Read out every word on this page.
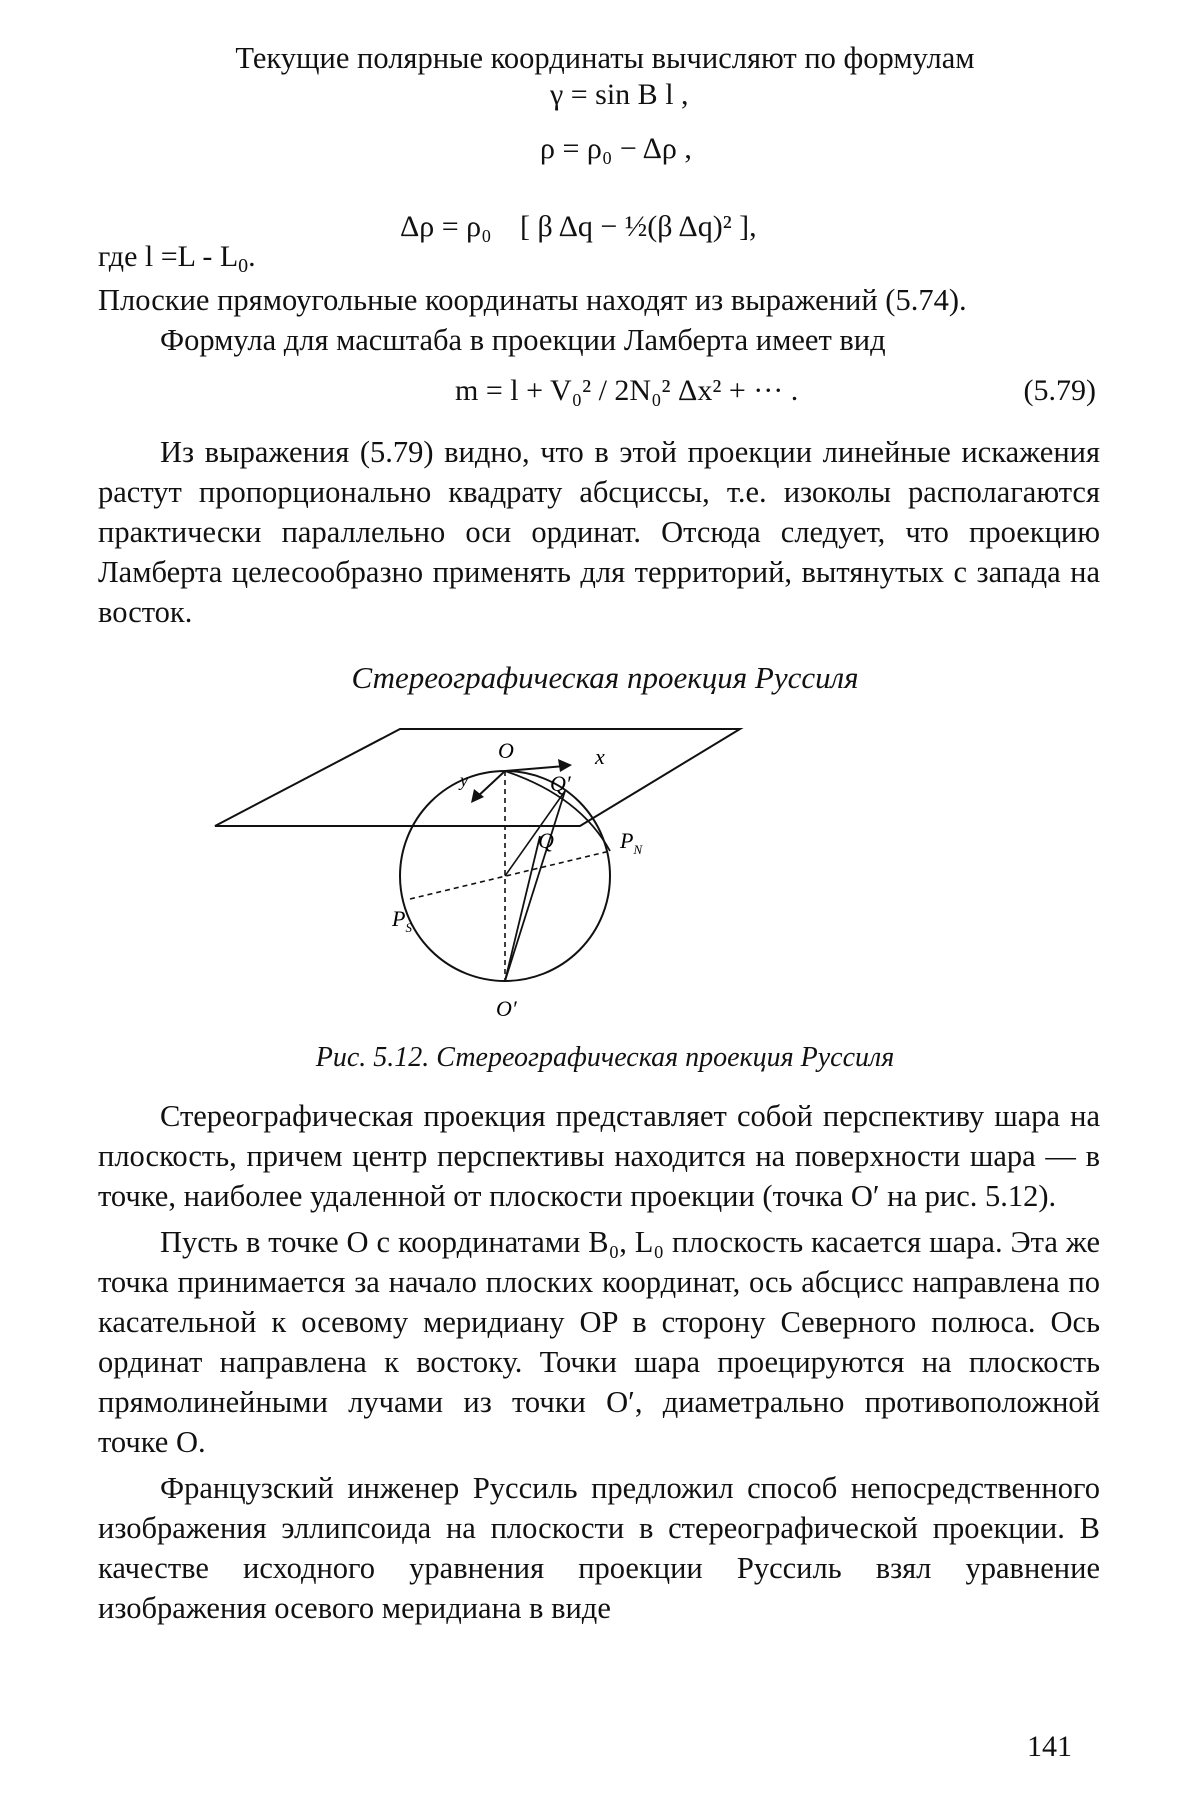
Текущие полярные координаты вычисляют по формулам

γ = sin B l ,
ρ = ρ₀ − Δρ ,
Δρ = ρ₀ [ β Δq − ½(β Δq)² ],
где $l =L - L_0$.

Плоские прямоугольные координаты находят из выражений (5.74).

Формула для масштаба в проекции Ламберта имеет вид

m = l + V₀² / 2N₀² Δx² + ··· .	(5.79)

Из выражения (5.79) видно, что в этой проекции линейные искажения растут пропорционально квадрату абсциссы, т.е. изоколы располагаются практически параллельно оси ординат. Отсюда следует, что проекцию Ламберта целесообразно применять для территорий, вытянутых с запада на восток.

Стереографическая проекция Руссиля

O	x
y	Q′
Q	$P_N$
$P_S$
O′

Рис. 5.12. Стереографическая проекция Руссиля

Стереографическая проекция представляет собой перспективу шара на плоскость, причем центр перспективы находится на поверхности шара — в точке, наиболее удаленной от плоскости проекции (точка O′ на рис. 5.12).

Пусть в точке O с координатами B₀, L₀ плоскость касается шара. Эта же точка принимается за начало плоских координат, ось абсцисс направлена по касательной к осевому меридиану OP в сторону Северного полюса. Ось ординат направлена к востоку. Точки шара проецируются на плоскость прямолинейными лучами из точки O′, диаметрально противоположной точке O.

Французский инженер Руссиль предложил способ непосредственного изображения эллипсоида на плоскости в стереографической проекции. В качестве исходного уравнения проекции Руссиль взял уравнение изображения осевого меридиана в виде

141
